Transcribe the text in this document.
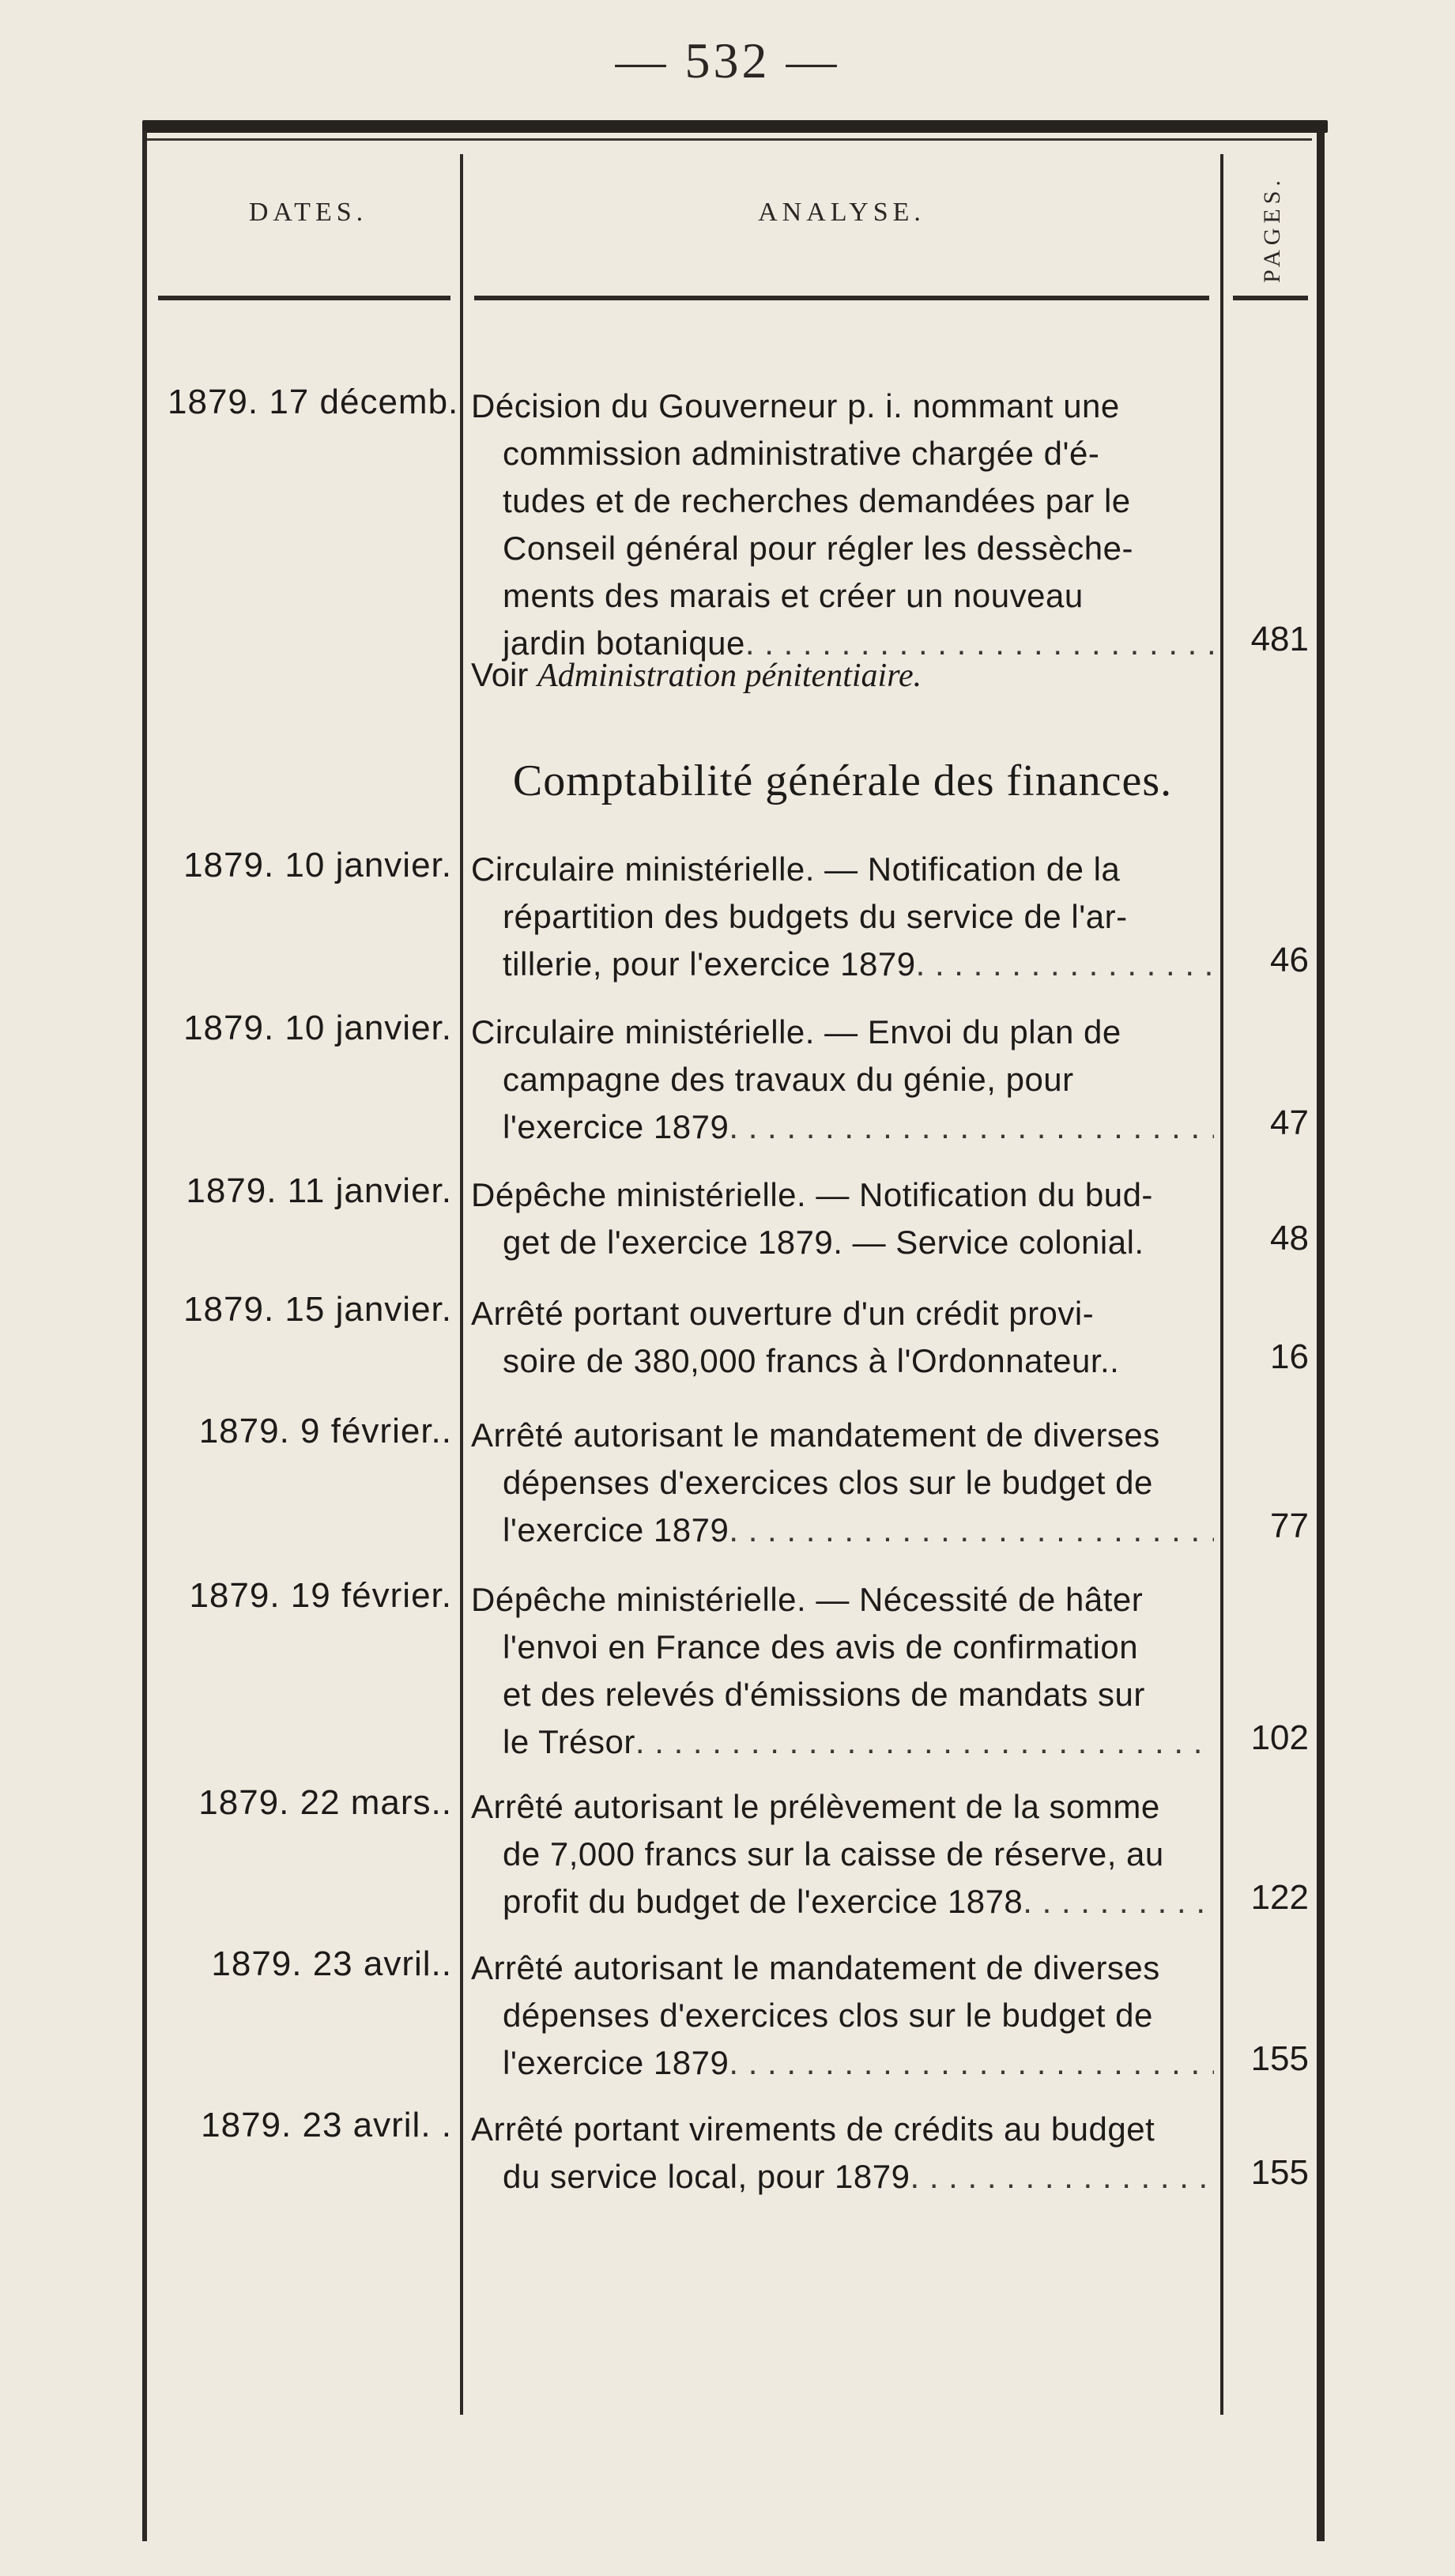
— 532 —
DATES.	ANALYSE.	PAGES.
1879. 17 décemb. Décision du Gouverneur p. i. nommant une
commission administrative chargée d'é-
tudes et de recherches demandées par le
Conseil général pour régler les dessèche-
ments des marais et créer un nouveau
jardin botanique . . .	481
Voir Administration pénitentiaire.
Comptabilité générale des finances.
1879. 10 janvier. Circulaire ministérielle. — Notification de la
répartition des budgets du service de l'ar-
tillerie, pour l'exercice 1879 . . .	46
1879. 10 janvier. Circulaire ministérielle. — Envoi du plan de
campagne des travaux du génie, pour
l'exercice 1879 . . .	47
1879. 11 janvier. Dépêche ministérielle. — Notification du bud-
get de l'exercice 1879. — Service colonial.	48
1879. 15 janvier. Arrêté portant ouverture d'un crédit provi-
soire de 380,000 francs à l'Ordonnateur..	16
1879. 9 février.. Arrêté autorisant le mandatement de diverses
dépenses d'exercices clos sur le budget de
l'exercice 1879 . . .	77
1879. 19 février. Dépêche ministérielle. — Nécessité de hâter
l'envoi en France des avis de confirmation
et des relevés d'émissions de mandats sur
le Trésor . . .	102
1879. 22 mars.. Arrêté autorisant le prélèvement de la somme
de 7,000 francs sur la caisse de réserve, au
profit du budget de l'exercice 1878 . . .	122
1879. 23 avril.. Arrêté autorisant le mandatement de diverses
dépenses d'exercices clos sur le budget de
l'exercice 1879 . . .	155
1879. 23 avril. . Arrêté portant virements de crédits au budget
du service local, pour 1879 . . .	155
